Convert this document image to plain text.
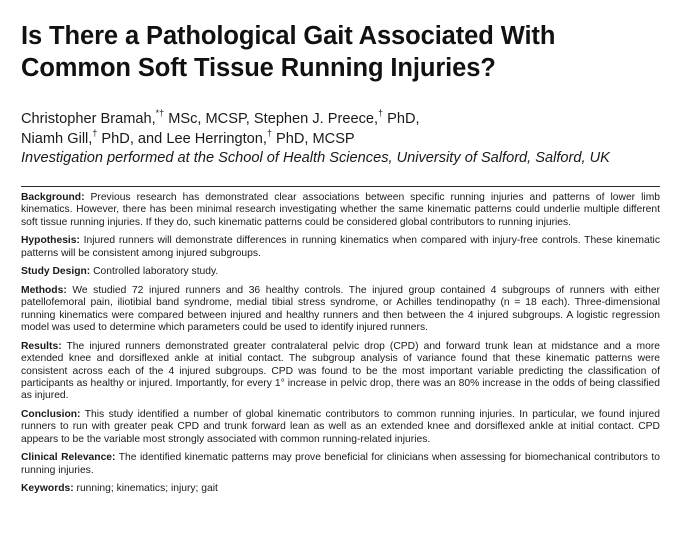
Is There a Pathological Gait Associated With
Common Soft Tissue Running Injuries?
Christopher Bramah,*† MSc, MCSP, Stephen J. Preece,† PhD,
Niamh Gill,† PhD, and Lee Herrington,† PhD, MCSP
Investigation performed at the School of Health Sciences, University of Salford, Salford, UK

Background: Previous research has demonstrated clear associations between specific running injuries and patterns of lower limb kinematics. However, there has been minimal research investigating whether the same kinematic patterns could underlie multiple different soft tissue running injuries. If they do, such kinematic patterns could be considered global contributors to running injuries.

Hypothesis: Injured runners will demonstrate differences in running kinematics when compared with injury-free controls. These kinematic patterns will be consistent among injured subgroups.

Study Design: Controlled laboratory study.

Methods: We studied 72 injured runners and 36 healthy controls. The injured group contained 4 subgroups of runners with either patellofemoral pain, iliotibial band syndrome, medial tibial stress syndrome, or Achilles tendinopathy (n = 18 each). Three-dimensional running kinematics were compared between injured and healthy runners and then between the 4 injured subgroups. A logistic regression model was used to determine which parameters could be used to identify injured runners.

Results: The injured runners demonstrated greater contralateral pelvic drop (CPD) and forward trunk lean at midstance and a more extended knee and dorsiflexed ankle at initial contact. The subgroup analysis of variance found that these kinematic patterns were consistent across each of the 4 injured subgroups. CPD was found to be the most important variable predicting the classification of participants as healthy or injured. Importantly, for every 1° increase in pelvic drop, there was an 80% increase in the odds of being classified as injured.

Conclusion: This study identified a number of global kinematic contributors to common running injuries. In particular, we found injured runners to run with greater peak CPD and trunk forward lean as well as an extended knee and dorsiflexed ankle at initial contact. CPD appears to be the variable most strongly associated with common running-related injuries.

Clinical Relevance: The identified kinematic patterns may prove beneficial for clinicians when assessing for biomechanical contributors to running injuries.

Keywords: running; kinematics; injury; gait
